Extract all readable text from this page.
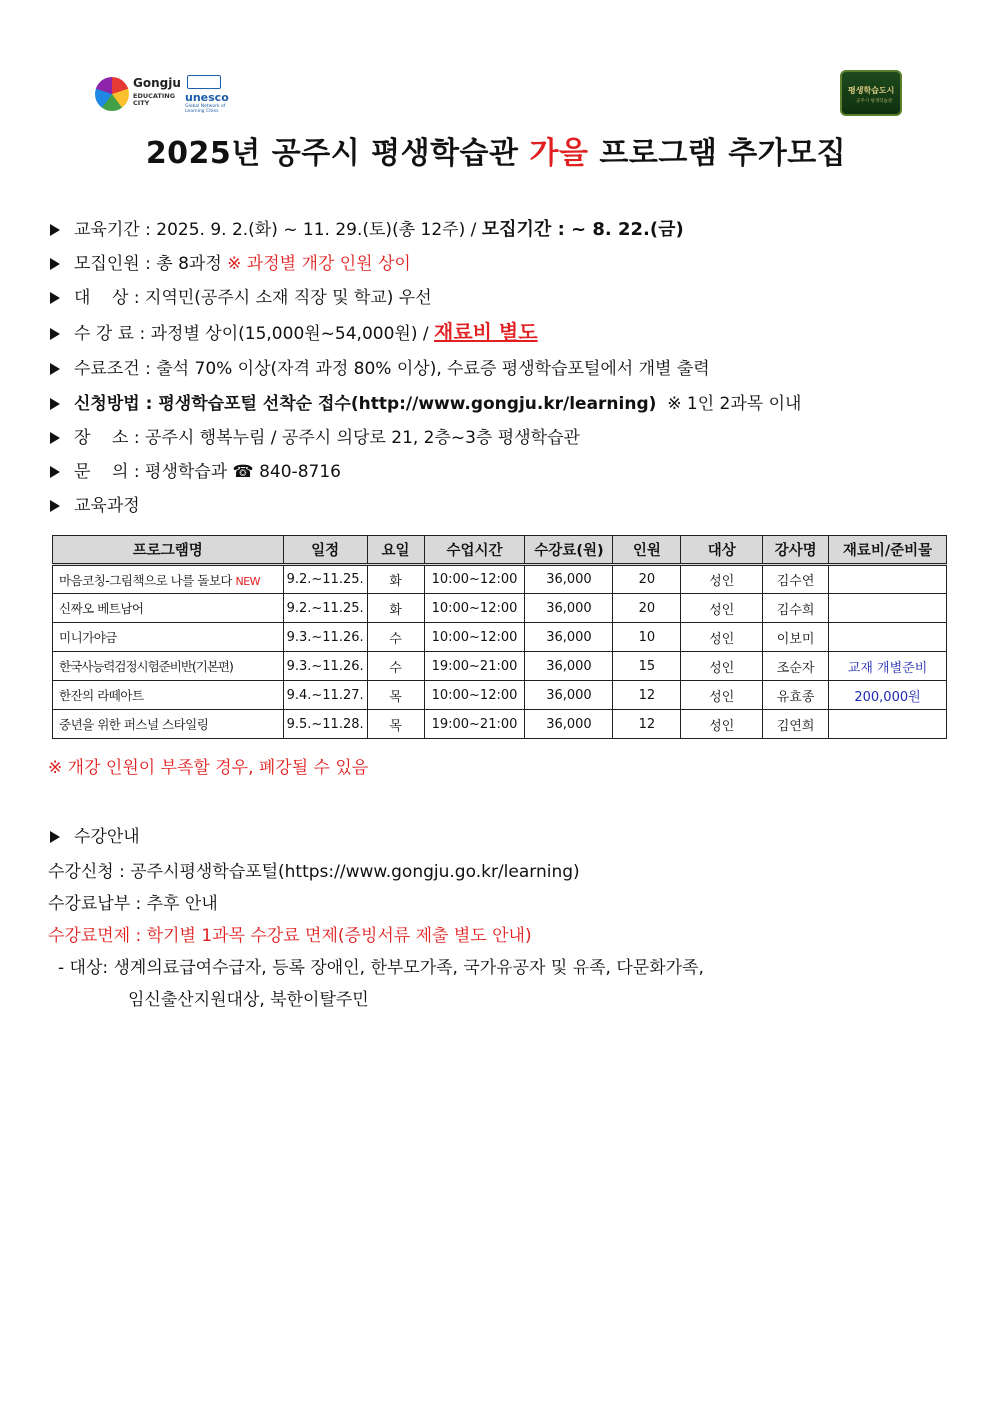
Gongju
EDUCATING
CITY	unesco
Global Network of
Learning Cities
평생학습도시
공주시 평생학습관
2025년 공주시 평생학습관 가을 프로그램 추가모집
교육기간 : 2025. 9. 2.(화) ~ 11. 29.(토)(총 12주) / 모집기간 : ~ 8. 22.(금)
모집인원 : 총 8과정 ※ 과정별 개강 인원 상이
대    상 : 지역민(공주시 소재 직장 및 학교) 우선
수 강 료 : 과정별 상이(15,000원~54,000원) / 재료비 별도
수료조건 : 출석 70% 이상(자격 과정 80% 이상), 수료증 평생학습포털에서 개별 출력
신청방법 : 평생학습포털 선착순 접수(http://www.gongju.kr/learning) ※ 1인 2과목 이내
장    소 : 공주시 행복누림 / 공주시 의당로 21, 2층~3층 평생학습관
문    의 : 평생학습과 ☎ 840-8716
교육과정
프로그램명	일정	요일	수업시간	수강료(원)	인원	대상	강사명	재료비/준비물
마음코칭-그림책으로 나를 돌보다 NEW	9.2.~11.25.	화	10:00~12:00	36,000	20	성인	김수연	
신짜오 베트남어	9.2.~11.25.	화	10:00~12:00	36,000	20	성인	김수희	
미니가야금	9.3.~11.26.	수	10:00~12:00	36,000	10	성인	이보미	
한국사능력검정시험준비반(기본편)	9.3.~11.26.	수	19:00~21:00	36,000	15	성인	조순자	교재 개별준비
한잔의 라떼아트	9.4.~11.27.	목	10:00~12:00	36,000	12	성인	유효종	200,000원
중년을 위한 퍼스널 스타일링	9.5.~11.28.	목	19:00~21:00	36,000	12	성인	김연희	
※ 개강 인원이 부족할 경우, 폐강될 수 있음
수강안내
수강신청 : 공주시평생학습포털(https://www.gongju.go.kr/learning)
수강료납부 : 추후 안내
수강료면제 : 학기별 1과목 수강료 면제(증빙서류 제출 별도 안내)
- 대상: 생계의료급여수급자, 등록 장애인, 한부모가족, 국가유공자 및 유족, 다문화가족,
임신출산지원대상, 북한이탈주민
